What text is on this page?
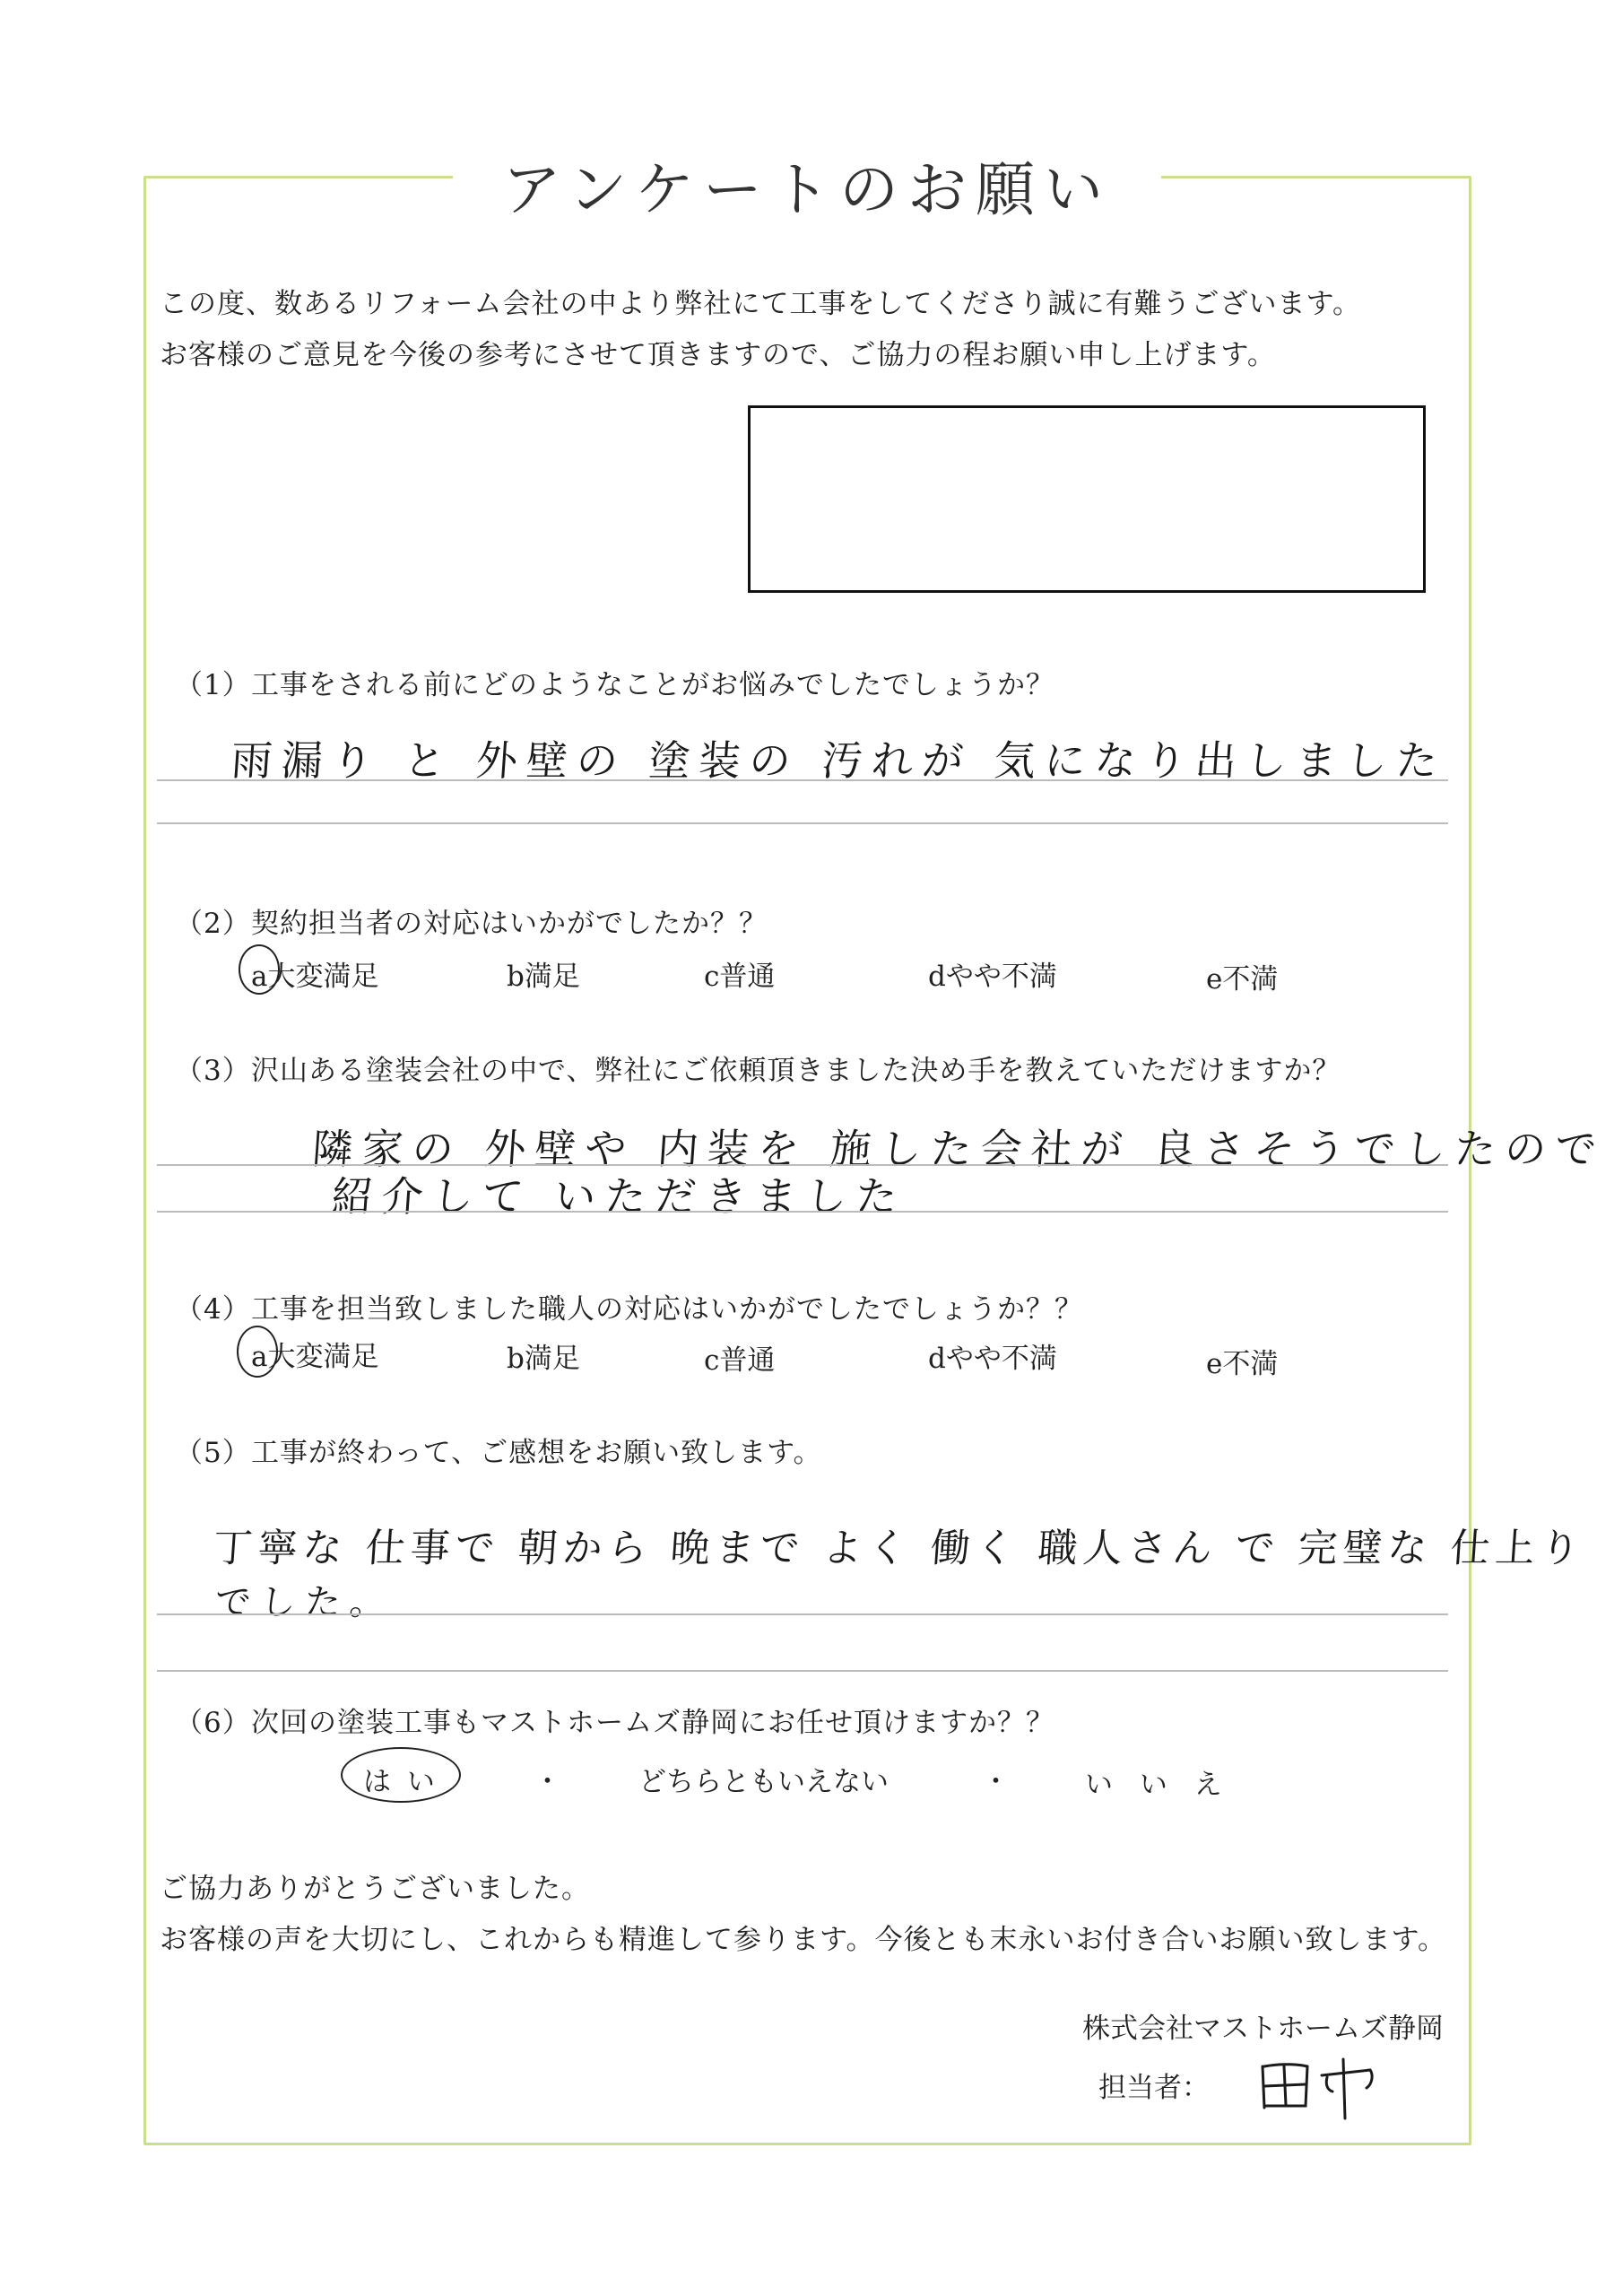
アンケートのお願い
この度、数あるリフォーム会社の中より弊社にて工事をしてくださり誠に有難うございます。
お客様のご意見を今後の参考にさせて頂きますので、ご協力の程お願い申し上げます。
（1）工事をされる前にどのようなことがお悩みでしたでしょうか？
雨漏り と 外壁の 塗装の 汚れが 気になり出しました
（2）契約担当者の対応はいかがでしたか？？
a大変満足	b満足	c普通	dやや不満	e不満
（3）沢山ある塗装会社の中で、弊社にご依頼頂きました決め手を教えていただけますか？
隣家の 外壁や 内装を 施した会社が 良さそうでしたので
紹介して いただきました
（4）工事を担当致しました職人の対応はいかがでしたでしょうか？？
a大変満足	b満足	c普通	dやや不満	e不満
（5）工事が終わって、ご感想をお願い致します。
丁寧な 仕事で 朝から 晩まで よく 働く 職人さん で 完璧な 仕上り
でした。
（6）次回の塗装工事もマストホームズ静岡にお任せ頂けますか？？
は い	・	どちらともいえない	・	い い え
ご協力ありがとうございました。
お客様の声を大切にし、これからも精進して参ります。今後とも末永いお付き合いお願い致します。
株式会社マストホームズ静岡
担当者：
